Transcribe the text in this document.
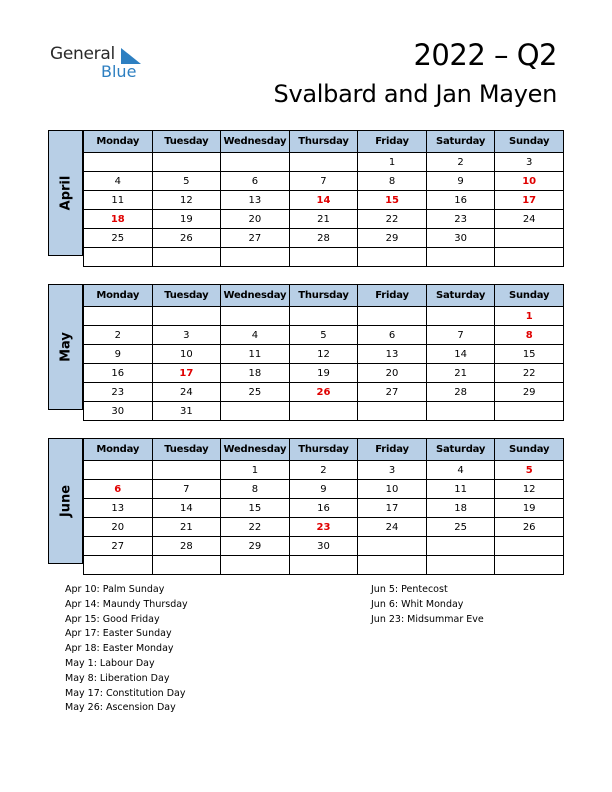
General
Blue	2022 – Q2
Svalbard and Jan Mayen
April
Monday	Tuesday	Wednesday	Thursday	Friday	Saturday	Sunday
				1	2	3
4	5	6	7	8	9	10
11	12	13	14	15	16	17
18	19	20	21	22	23	24
25	26	27	28	29	30	

May
Monday	Tuesday	Wednesday	Thursday	Friday	Saturday	Sunday
						1
2	3	4	5	6	7	8
9	10	11	12	13	14	15
16	17	18	19	20	21	22
23	24	25	26	27	28	29
30	31					
June
Monday	Tuesday	Wednesday	Thursday	Friday	Saturday	Sunday
		1	2	3	4	5
6	7	8	9	10	11	12
13	14	15	16	17	18	19
20	21	22	23	24	25	26
27	28	29	30			

Apr 10: Palm Sunday
Apr 14: Maundy Thursday
Apr 15: Good Friday
Apr 17: Easter Sunday
Apr 18: Easter Monday
May 1: Labour Day
May 8: Liberation Day
May 17: Constitution Day
May 26: Ascension Day
Jun 5: Pentecost
Jun 6: Whit Monday
Jun 23: Midsummar Eve
